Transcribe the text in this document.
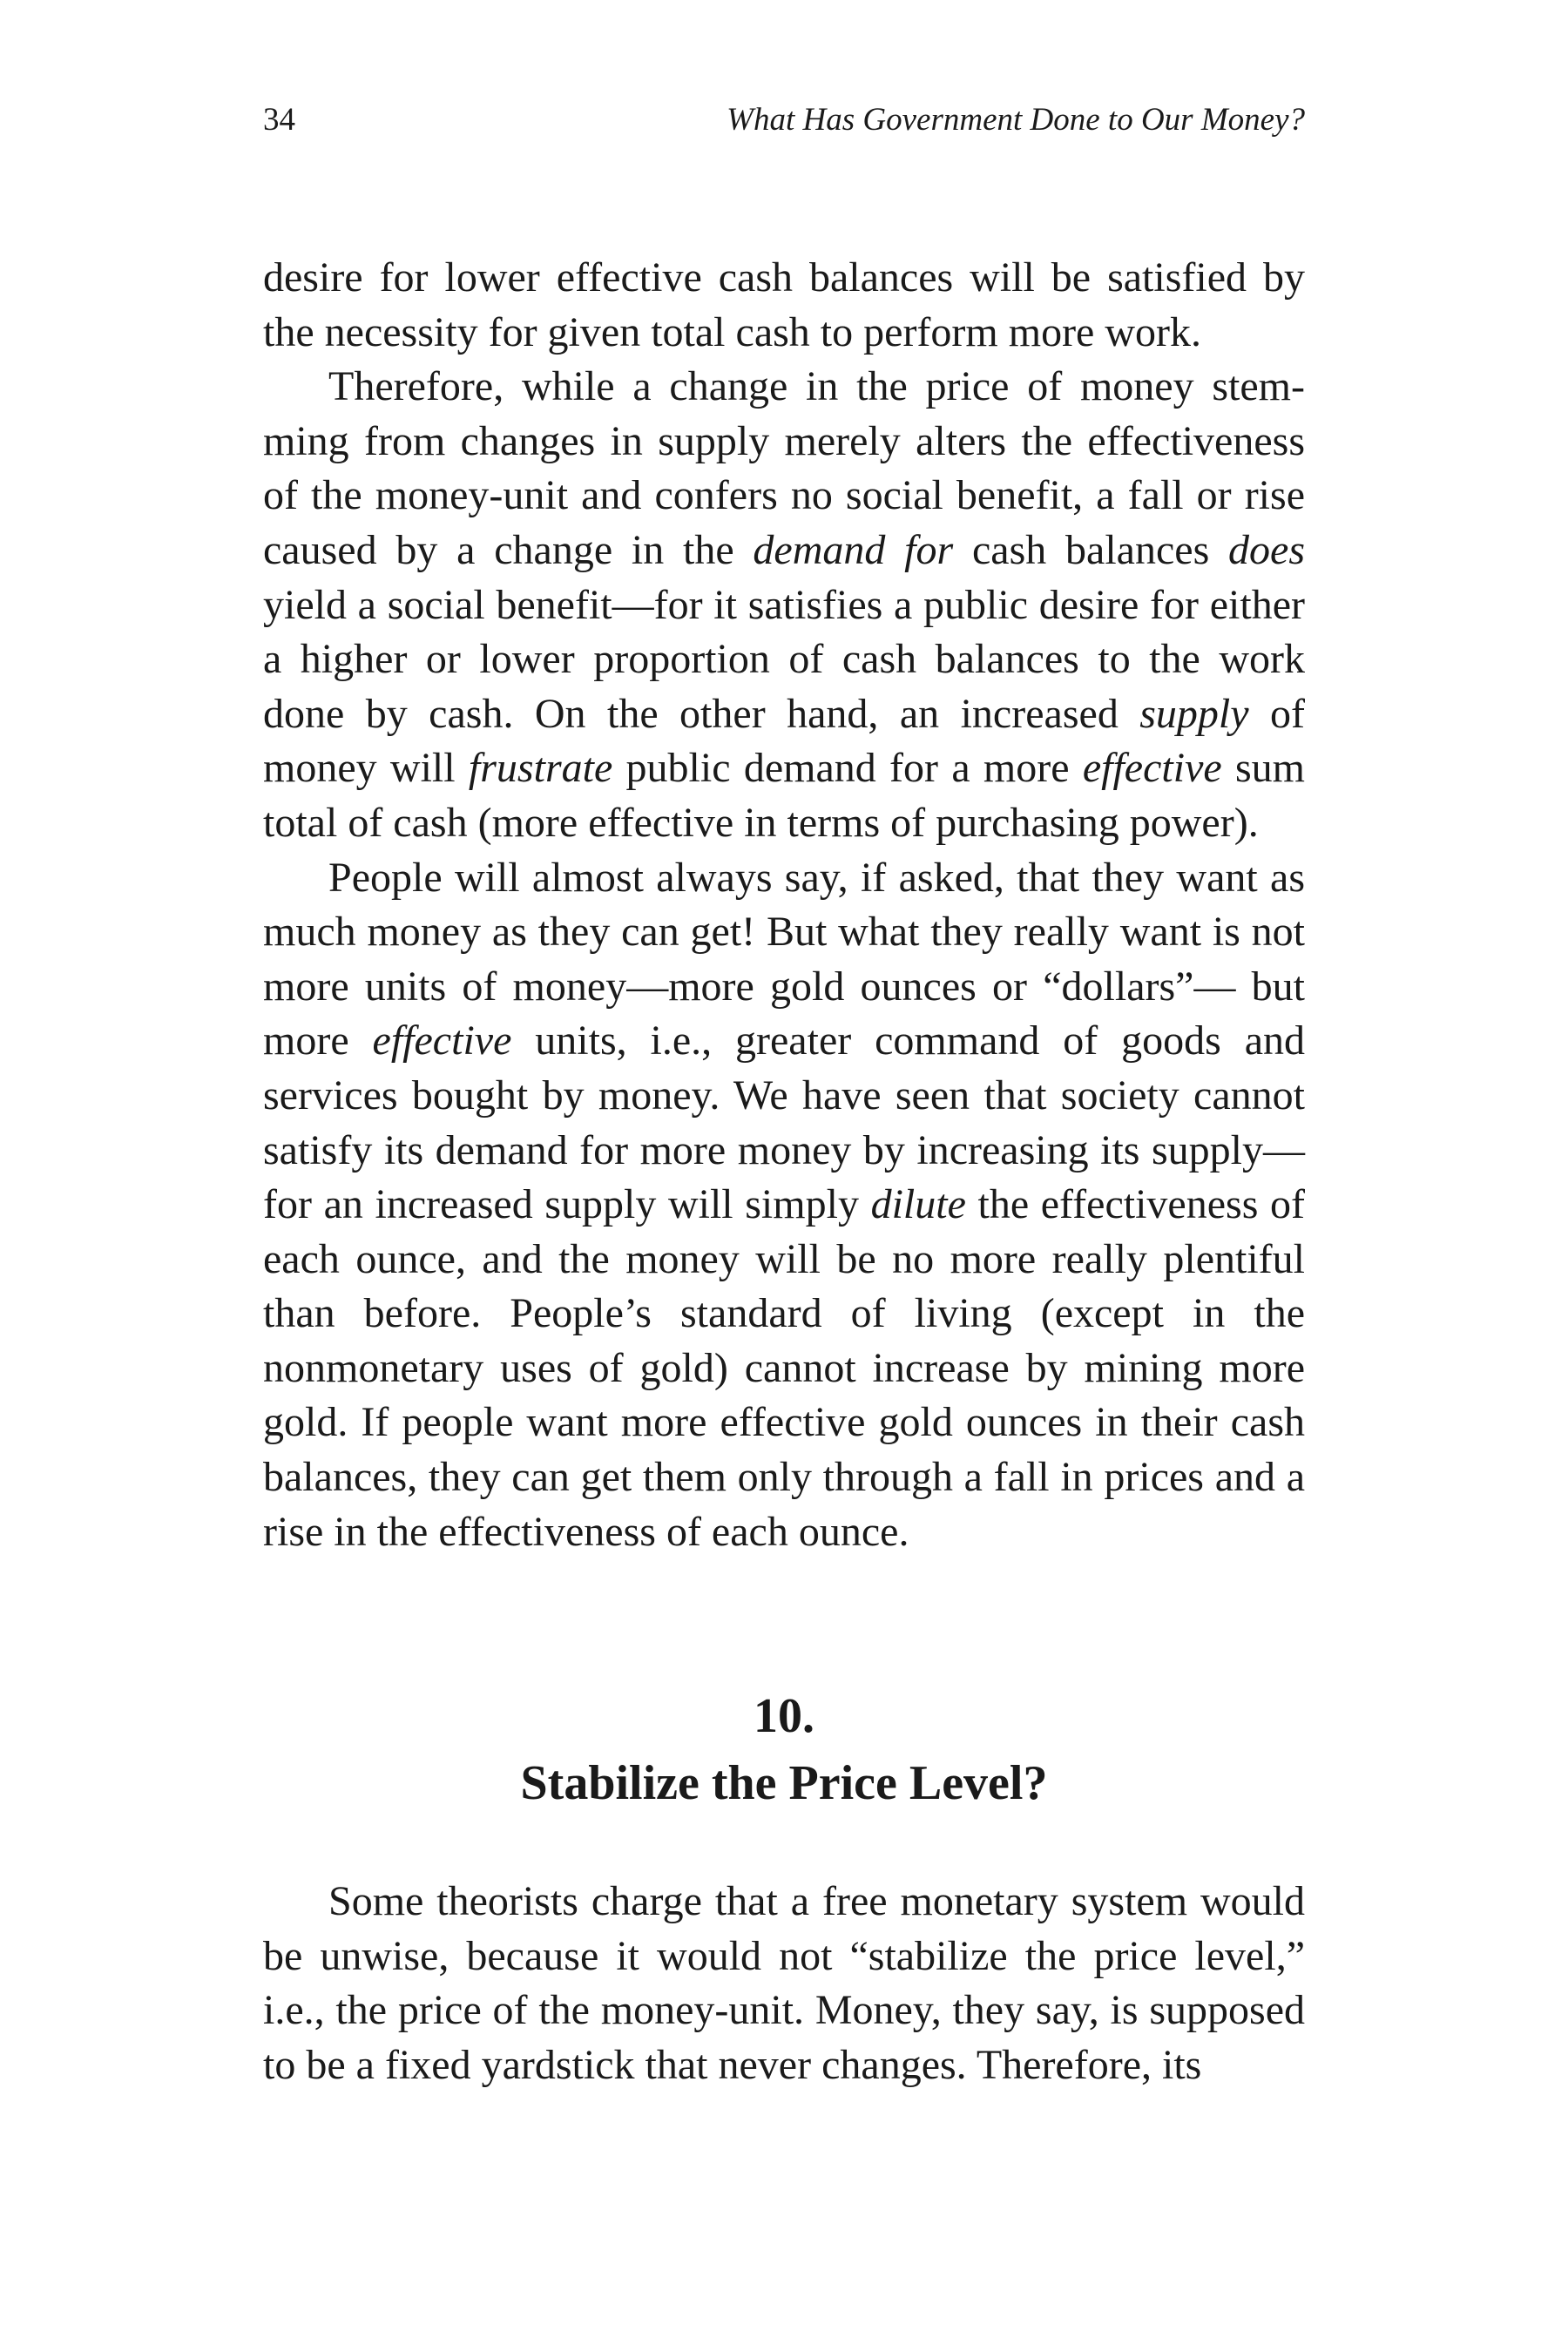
34	What Has Government Done to Our Money?

desire for lower effective cash balances will be satisfied by the necessity for given total cash to perform more work.

Therefore, while a change in the price of money stemming from changes in supply merely alters the effectiveness of the money-unit and confers no social benefit, a fall or rise caused by a change in the demand for cash balances does yield a social benefit—for it satisfies a public desire for either a higher or lower proportion of cash balances to the work done by cash. On the other hand, an increased supply of money will frustrate public demand for a more effective sum total of cash (more effective in terms of purchasing power).

People will almost always say, if asked, that they want as much money as they can get! But what they really want is not more units of money—more gold ounces or “dollars”— but more effective units, i.e., greater command of goods and services bought by money. We have seen that society cannot satisfy its demand for more money by increasing its supply—for an increased supply will simply dilute the effectiveness of each ounce, and the money will be no more really plentiful than before. People’s standard of living (except in the nonmonetary uses of gold) cannot increase by mining more gold. If people want more effective gold ounces in their cash balances, they can get them only through a fall in prices and a rise in the effectiveness of each ounce.

10.
Stabilize the Price Level?

Some theorists charge that a free monetary system would be unwise, because it would not “stabilize the price level,” i.e., the price of the money-unit. Money, they say, is supposed to be a fixed yardstick that never changes. Therefore, its
